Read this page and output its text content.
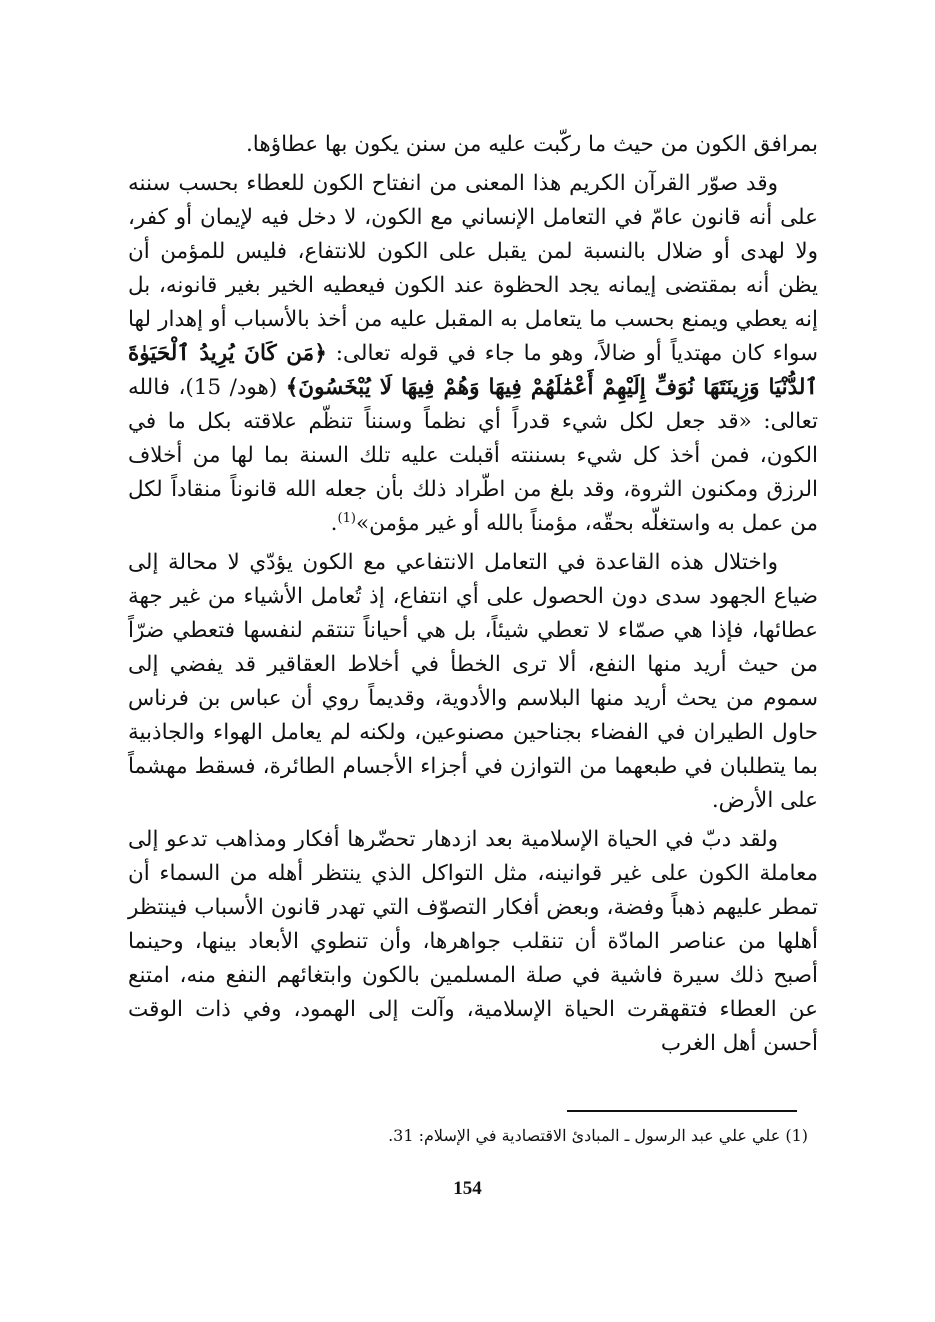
بمرافق الكون من حيث ما ركّبت عليه من سنن يكون بها عطاؤها.

وقد صوّر القرآن الكريم هذا المعنى من انفتاح الكون للعطاء بحسب سننه على أنه قانون عامّ في التعامل الإنساني مع الكون، لا دخل فيه لإيمان أو كفر، ولا لهدى أو ضلال بالنسبة لمن يقبل على الكون للانتفاع، فليس للمؤمن أن يظن أنه بمقتضى إيمانه يجد الحظوة عند الكون فيعطيه الخير بغير قانونه، بل إنه يعطي ويمنع بحسب ما يتعامل به المقبل عليه من أخذ بالأسباب أو إهدار لها سواء كان مهتدياً أو ضالاً، وهو ما جاء في قوله تعالى: ﴿مَن كَانَ يُرِيدُ ٱلْحَيَوٰةَ ٱلدُّنْيَا وَزِينَتَهَا نُوَفِّ إِلَيْهِمْ أَعْمَٰلَهُمْ فِيهَا وَهُمْ فِيهَا لَا يُبْخَسُونَ﴾ (هود/ 15)، فالله تعالى: «قد جعل لكل شيء قدراً أي نظماً وسنناً تنظّم علاقته بكل ما في الكون، فمن أخذ كل شيء بسننته أقبلت عليه تلك السنة بما لها من أخلاف الرزق ومكنون الثروة، وقد بلغ من اطّراد ذلك بأن جعله الله قانوناً منقاداً لكل من عمل به واستغلّه بحقّه، مؤمناً بالله أو غير مؤمن»$^{(1)}$.

واختلال هذه القاعدة في التعامل الانتفاعي مع الكون يؤدّي لا محالة إلى ضياع الجهود سدى دون الحصول على أي انتفاع، إذ تُعامل الأشياء من غير جهة عطائها، فإذا هي صمّاء لا تعطي شيئاً، بل هي أحياناً تنتقم لنفسها فتعطي ضرّاً من حيث أريد منها النفع، ألا ترى الخطأ في أخلاط العقاقير قد يفضي إلى سموم من يحث أريد منها البلاسم والأدوية، وقديماً روي أن عباس بن فرناس حاول الطيران في الفضاء بجناحين مصنوعين، ولكنه لم يعامل الهواء والجاذبية بما يتطلبان في طبعهما من التوازن في أجزاء الأجسام الطائرة، فسقط مهشماً على الأرض.

ولقد دبّ في الحياة الإسلامية بعد ازدهار تحضّرها أفكار ومذاهب تدعو إلى معاملة الكون على غير قوانينه، مثل التواكل الذي ينتظر أهله من السماء أن تمطر عليهم ذهباً وفضة، وبعض أفكار التصوّف التي تهدر قانون الأسباب فينتظر أهلها من عناصر المادّة أن تنقلب جواهرها، وأن تنطوي الأبعاد بينها، وحينما أصبح ذلك سيرة فاشية في صلة المسلمين بالكون وابتغائهم النفع منه، امتنع عن العطاء فتقهقرت الحياة الإسلامية، وآلت إلى الهمود، وفي ذات الوقت أحسن أهل الغرب

(1) علي علي عبد الرسول ـ المبادئ الاقتصادية في الإسلام: 31.
154
